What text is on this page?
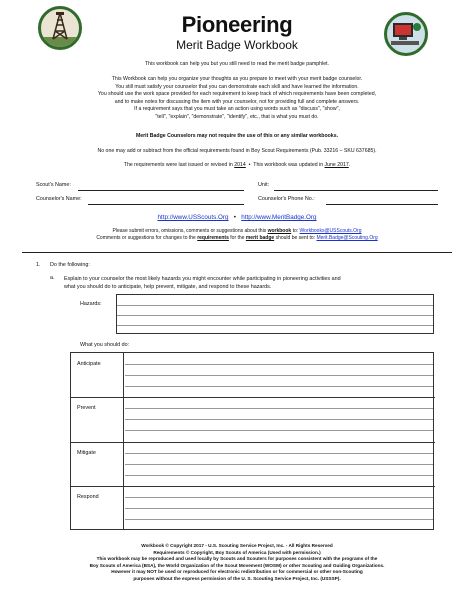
Pioneering
Merit Badge Workbook
This workbook can help you but you still need to read the merit badge pamphlet.
This Workbook can help you organize your thoughts as you prepare to meet with your merit badge counselor.
You still must satisfy your counselor that you can demonstrate each skill and have learned the information.
You should use the work space provided for each requirement to keep track of which requirements have been completed,
and to make notes for discussing the item with your counselor, not for providing full and complete answers.
If a requirement says that you must take an action using words such as "discuss", "show",
"tell", "explain", "demonstrate", "identify", etc., that is what you must do.
Merit Badge Counselors may not require the use of this or any similar workbooks.
No one may add or subtract from the official requirements found in Boy Scout Requirements (Pub. 33216 – SKU 637685).
The requirements were last issued or revised in 2014 • This workbook was updated in June 2017.
Scout's Name:	Unit:
Counselor's Name:	Counselor's Phone No.:
http://www.USScouts.Org • http://www.MeritBadge.Org
Please submit errors, omissions, comments or suggestions about this workbook to: Workbooks@USScouts.Org
Comments or suggestions for changes to the requirements for the merit badge should be sent to: Merit.Badge@Scouting.Org
1. Do the following:
a. Explain to your counselor the most likely hazards you might encounter while participating in pioneering activities and
what you should do to anticipate, help prevent, mitigate, and respond to these hazards.
Hazards:
What you should do:
Anticipate
Prevent
Mitigate
Respond
Workbook © Copyright 2017 - U.S. Scouting Service Project, Inc. - All Rights Reserved
Requirements © Copyright, Boy Scouts of America (Used with permission.)
This workbook may be reproduced and used locally by Scouts and Scouters for purposes consistent with the programs of the
Boy Scouts of America (BSA), the World Organization of the Scout Movement (WOSM) or other Scouting and Guiding Organizations.
However it may NOT be used or reproduced for electronic redistribution or for commercial or other non-Scouting
purposes without the express permission of the U. S. Scouting Service Project, Inc. (USSSP).
